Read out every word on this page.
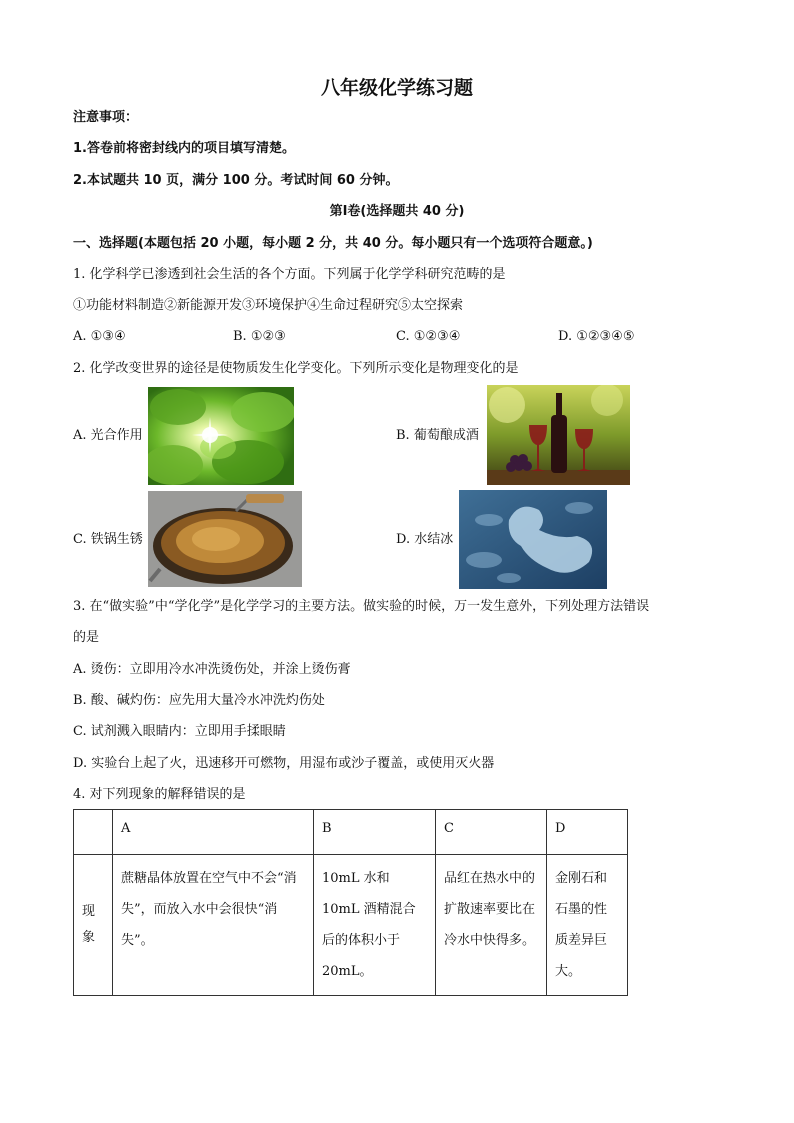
八年级化学练习题
注意事项：
1.答卷前将密封线内的项目填写清楚。
2.本试题共 10 页，满分 100 分。考试时间 60 分钟。
第Ⅰ卷(选择题共 40 分)
一、选择题(本题包括 20 小题，每小题 2 分，共 40 分。每小题只有一个选项符合题意。)
1. 化学科学已渗透到社会生活的各个方面。下列属于化学学科研究范畴的是
①功能材料制造②新能源开发③环境保护④生命过程研究⑤太空探索
A. ①③④	B. ①②③	C. ①②③④	D. ①②③④⑤
2. 化学改变世界的途径是使物质发生化学变化。下列所示变化是物理变化的是
A. 光合作用	B. 葡萄酿成酒
C. 铁锅生锈	D. 水结冰
3. 在“做实验”中“学化学”是化学学习的主要方法。做实验的时候，万一发生意外，下列处理方法错误
的是
A. 烫伤：立即用冷水冲洗烫伤处，并涂上烫伤膏
B. 酸、碱灼伤：应先用大量冷水冲洗灼伤处
C. 试剂溅入眼睛内：立即用手揉眼睛
D. 实验台上起了火，迅速移开可燃物，用湿布或沙子覆盖，或使用灭火器
4. 对下列现象的解释错误的是
	A	B	C	D
现象	蔗糖晶体放置在空气中不会“消失”，而放入水中会很快“消失”。	10mL 水和 10mL 酒精混合后的体积小于 20mL。	品红在热水中的扩散速率要比在冷水中快得多。	金刚石和石墨的性质差异巨大。
